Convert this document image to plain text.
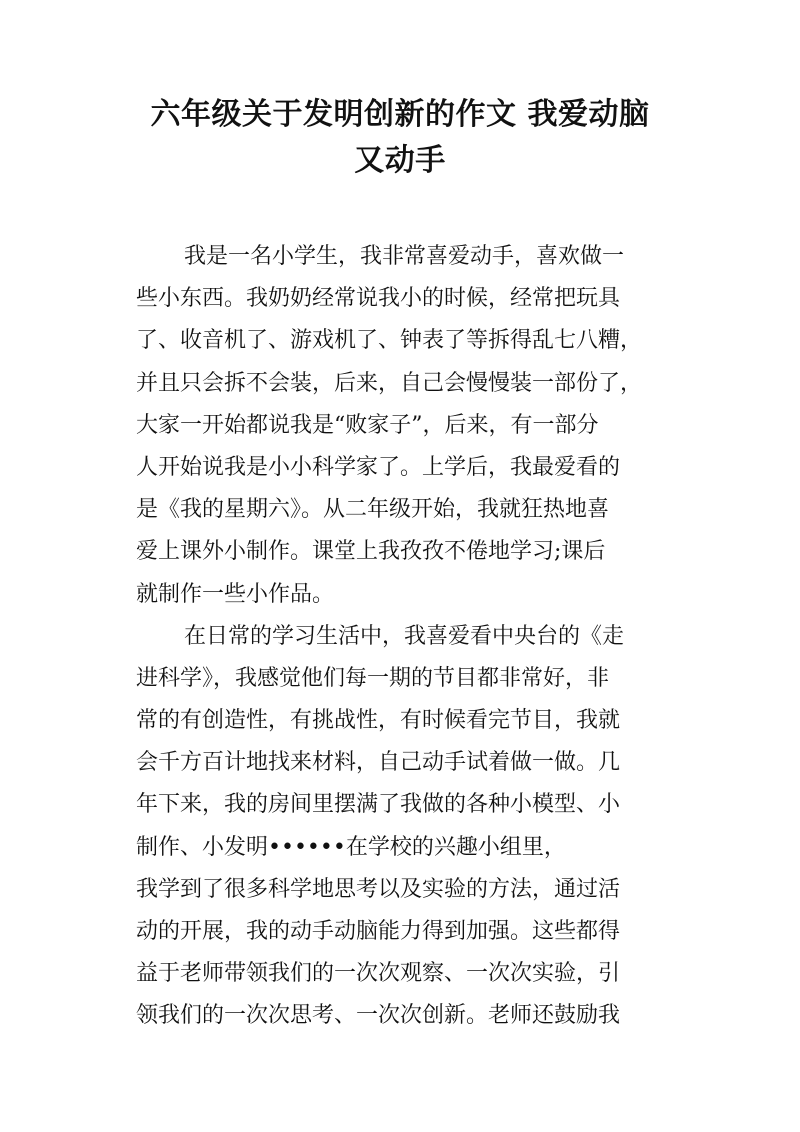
六年级关于发明创新的作文 我爱动脑
又动手
我是一名小学生，我非常喜爱动手，喜欢做一
些小东西。我奶奶经常说我小的时候，经常把玩具
了、收音机了、游戏机了、钟表了等拆得乱七八糟，
并且只会拆不会装，后来，自己会慢慢装一部份了，
大家一开始都说我是“败家子”，后来，有一部分
人开始说我是小小科学家了。上学后，我最爱看的
是《我的星期六》。从二年级开始，我就狂热地喜
爱上课外小制作。课堂上我孜孜不倦地学习;课后
就制作一些小作品。
在日常的学习生活中，我喜爱看中央台的《走
进科学》，我感觉他们每一期的节目都非常好，非
常的有创造性，有挑战性，有时候看完节目，我就
会千方百计地找来材料，自己动手试着做一做。几
年下来，我的房间里摆满了我做的各种小模型、小
制作、小发明••••••在学校的兴趣小组里，
我学到了很多科学地思考以及实验的方法，通过活
动的开展，我的动手动脑能力得到加强。这些都得
益于老师带领我们的一次次观察、一次次实验，引
领我们的一次次思考、一次次创新。老师还鼓励我
